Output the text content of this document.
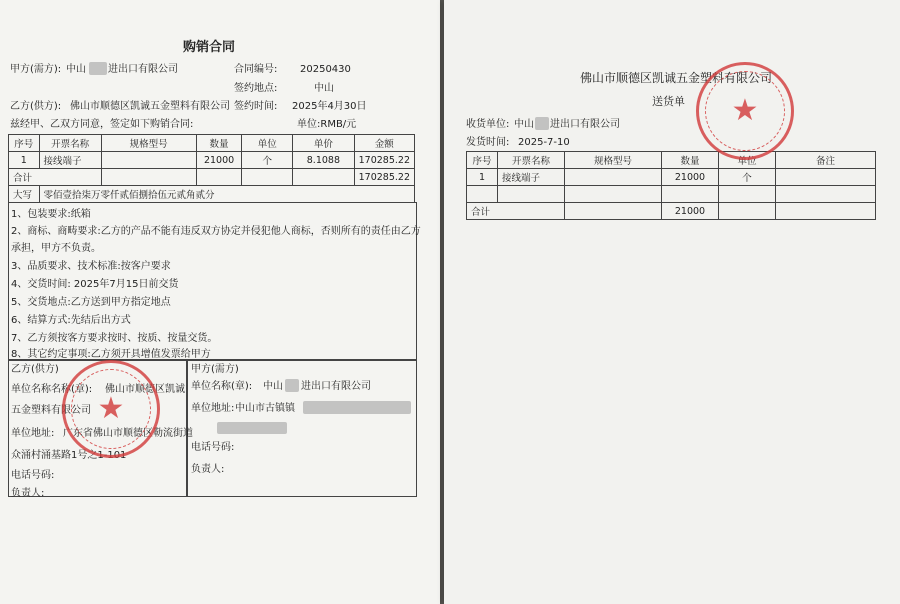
购销合同
甲方(需方): 中山 进出口有限公司	合同编号: 20250430
签约地点:	中山
乙方(供方): 佛山市顺德区凯诚五金塑料有限公司 签约时间: 2025年4月30日
兹经甲、乙双方同意，签定如下购销合同:	单位:RMB/元
序号	开票名称	规格型号	数量	单位	单价	金额
1	接线端子		21000	个	8.1088	170285.22
合计						170285.22
大写	零佰壹拾柒万零仟贰佰捌拾伍元贰角贰分					
1、包装要求:纸箱
2、商标、商畴要求:乙方的产品不能有违反双方协定并侵犯他人商标，否则所有的责任由乙方
承担，甲方不负责。
3、品质要求、技术标准:按客户要求
4、交货时间: 2025年7月15日前交货
5、交货地点:乙方送到甲方指定地点
6、结算方式:先结后出方式
7、乙方须按客方要求按时、按质、按量交货。
8、其它约定事项:乙方须开具增值发票给甲方
乙方(供方)
单位名称名称(章): 佛山市顺德区凯诚
五金塑料有限公司
单位地址: 广东省佛山市顺德区勒流街道
众涌村涌基路1号之1-101
电话号码:
负责人:
甲方(需方)
单位名称(章): 中山 进出口有限公司
单位地址: 中山市古镇镇
电话号码:
负责人:
★
佛山市顺德区凯诚五金塑料有限公司
送货单
收货单位: 中山 进出口有限公司
发货时间: 2025-7-10
序号	开票名称	规格型号	数量	单位	备注
1	接线端子		21000	个	

合计			21000		
★
